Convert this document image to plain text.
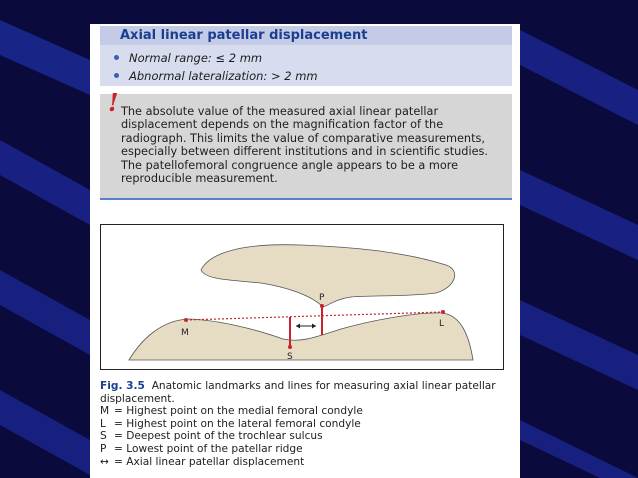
Axial linear patellar displacement
Normal range: ≤ 2 mm
Abnormal lateralization: > 2 mm
! The absolute value of the measured axial linear patellar displacement depends on the magnification factor of the radiograph. This limits the value of comparative measurements, especially between different institutions and in scientific studies. The patellofemoral congruence angle appears to be a more reproducible measurement.

M
L
S
P
Fig. 3.5 Anatomic landmarks and lines for measuring axial linear patellar displacement.
M = Highest point on the medial femoral condyle
L = Highest point on the lateral femoral condyle
S = Deepest point of the trochlear sulcus
P = Lowest point of the patellar ridge
↔ = Axial linear patellar displacement
